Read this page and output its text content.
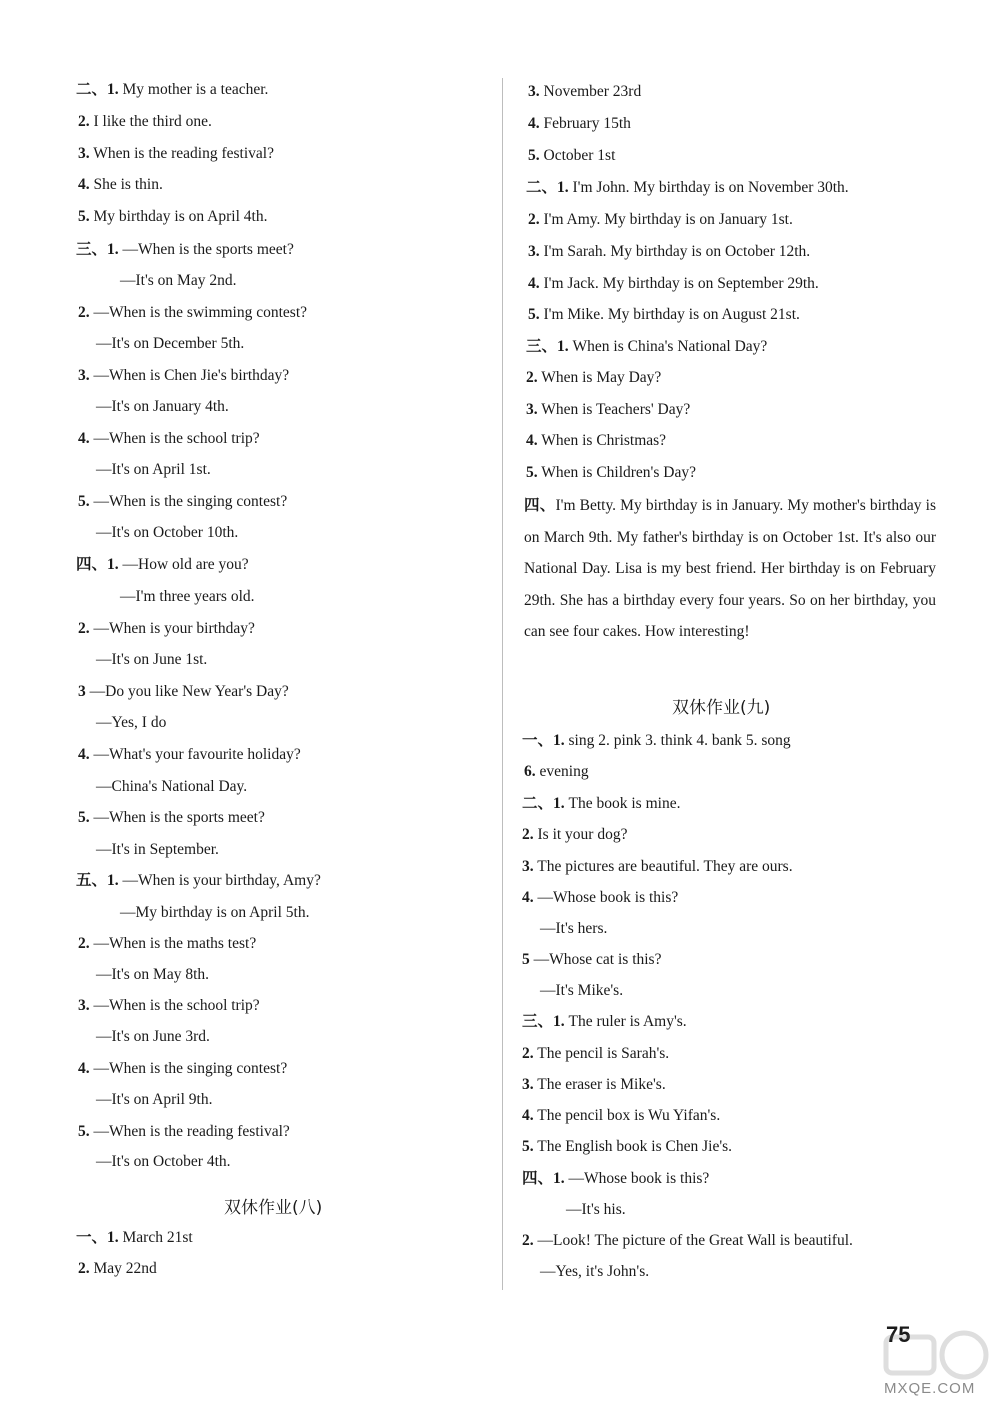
二、1. My mother is a teacher.
2. I like the third one.
3. When is the reading festival?
4. She is thin.
5. My birthday is on April 4th.
三、1. —When is the sports meet?
—It's on May 2nd.
2. —When is the swimming contest?
—It's on December 5th.
3. —When is Chen Jie's birthday?
—It's on January 4th.
4. —When is the school trip?
—It's on April 1st.
5. —When is the singing contest?
—It's on October 10th.
四、1. —How old are you?
—I'm three years old.
2. —When is your birthday?
—It's on June 1st.
3 —Do you like New Year's Day?
—Yes, I do
4. —What's your favourite holiday?
—China's National Day.
5. —When is the sports meet?
—It's in September.
五、1. —When is your birthday, Amy?
—My birthday is on April 5th.
2. —When is the maths test?
—It's on May 8th.
3. —When is the school trip?
—It's on June 3rd.
4. —When is the singing contest?
—It's on April 9th.
5. —When is the reading festival?
—It's on October 4th.
一、1. March 21st
2. May 22nd
双休作业(八)
3. November 23rd
4. February 15th
5. October 1st
二、1. I'm John. My birthday is on November 30th.
2. I'm Amy. My birthday is on January 1st.
3. I'm Sarah. My birthday is on October 12th.
4. I'm Jack. My birthday is on September 29th.
5. I'm Mike. My birthday is on August 21st.
三、1. When is China's National Day?
2. When is May Day?
3. When is Teachers' Day?
4. When is Christmas?
5. When is Children's Day?
一、1. sing 2. pink 3. think 4. bank 5. song
6. evening
二、1. The book is mine.
2. Is it your dog?
3. The pictures are beautiful. They are ours.
4. —Whose book is this?
—It's hers.
5 —Whose cat is this?
—It's Mike's.
三、1. The ruler is Amy's.
2. The pencil is Sarah's.
3. The eraser is Mike's.
4. The pencil box is Wu Yifan's.
5. The English book is Chen Jie's.
四、1. —Whose book is this?
—It's his.
2. —Look! The picture of the Great Wall is beautiful.
—Yes, it's John's.
双休作业(九)
四、I'm Betty. My birthday is in January. My mother's birthday is on March 9th. My father's birthday is on October 1st. It's also our National Day. Lisa is my best friend. Her birthday is on February 29th. She has a birthday every four years. So on her birthday, you can see four cakes. How interesting!
75
MXQE.COM
